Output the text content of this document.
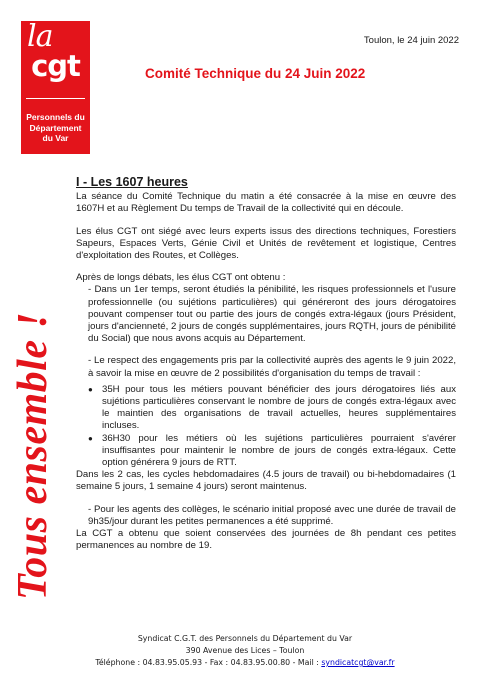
la
cgt
Personnels du
Département
du Var
Toulon, le 24 juin 2022
Comité Technique du 24 Juin 2022
Tous ensemble !
I - Les 1607 heures

La séance du Comité Technique du matin a été consacrée à la mise en œuvre des 1607H et au Règlement Du temps de Travail de la collectivité qui en découle.

Les élus CGT ont siégé avec leurs experts issus des directions techniques, Forestiers Sapeurs, Espaces Verts, Génie Civil et Unités de revêtement et logistique, Centres d'exploitation des Routes, et Collèges.

Après de longs débats, les élus CGT ont obtenu :

- Dans un 1er temps, seront étudiés la pénibilité, les risques professionnels et l'usure professionnelle (ou sujétions particulières) qui généreront des jours dérogatoires pouvant compenser tout ou partie des jours de congés extra-légaux (jours Président, jours d'ancienneté, 2 jours de congés supplémentaires, jours RQTH, jours de pénibilité du Social) que nous avons acquis au Département.

- Le respect des engagements pris par la collectivité auprès des agents le 9 juin 2022, à savoir la mise en œuvre de 2 possibilités d'organisation du temps de travail :
● 35H pour tous les métiers pouvant bénéficier des jours dérogatoires liés aux sujétions particulières conservant le nombre de jours de congés extra-légaux avec le maintien des organisations de travail actuelles, heures supplémentaires incluses.
● 36H30 pour les métiers où les sujétions particulières pourraient s'avérer insuffisantes pour maintenir le nombre de jours de congés extra-légaux. Cette option générera 9 jours de RTT.

Dans les 2 cas, les cycles hebdomadaires (4.5 jours de travail) ou bi-hebdomadaires (1 semaine 5 jours, 1 semaine 4 jours) seront maintenus.

- Pour les agents des collèges, le scénario initial proposé avec une durée de travail de 9h35/jour durant les petites permanences a été supprimé.

La CGT a obtenu que soient conservées des journées de 8h pendant ces petites permanences au nombre de 19.

Syndicat C.G.T. des Personnels du Département du Var
390 Avenue des Lices – Toulon
Téléphone : 04.83.95.05.93 - Fax : 04.83.95.00.80 - Mail : syndicatcgt@var.fr
